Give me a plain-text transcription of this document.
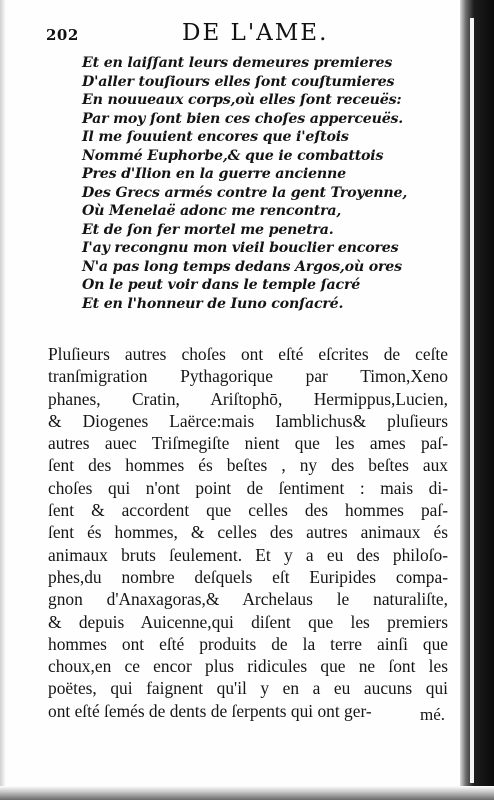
202	DE L'AME.
Et en laiſſant leurs demeures premieres
D'aller touſiours elles ſont couſtumieres
En nouueaux corps,où elles ſont receuës:
Par moy ſont bien ces choſes apperceuës.
Il me ſouuient encores que i'eſtois
Nommé Euphorbe,& que ie combattois
Pres d'Ilion en la guerre ancienne
Des Grecs armés contre la gent Troyenne,
Où Menelaë adonc me rencontra,
Et de ſon fer mortel me penetra.
I'ay recongnu mon vieil bouclier encores
N'a pas long temps dedans Argos,où ores
On le peut voir dans le temple ſacré
Et en l'honneur de Iuno conſacré.
Pluſieurs autres choſes ont eſté eſcrites de ceſte
tranſmigration Pythagorique par Timon,Xeno
phanes, Cratin, Ariſtophō, Hermippus,Lucien,
& Diogenes Laërce:mais Iamblichus& pluſieurs
autres auec Triſmegiſte nient que les ames paſ-
ſent des hommes és beſtes , ny des beſtes aux
choſes qui n'ont point de ſentiment : mais di-
ſent & accordent que celles des hommes paſ-
ſent és hommes, & celles des autres animaux és
animaux bruts ſeulement. Et y a eu des philoſo-
phes,du nombre deſquels eſt Euripides compa-
gnon d'Anaxagoras,& Archelaus le naturaliſte,
& depuis Auicenne,qui diſent que les premiers
hommes ont eſté produits de la terre ainſi que
choux,en ce encor plus ridicules que ne ſont les
poëtes, qui faignent qu'il y en a eu aucuns qui
ont eſté ſemés de dents de ſerpents qui ont ger-	mé.
